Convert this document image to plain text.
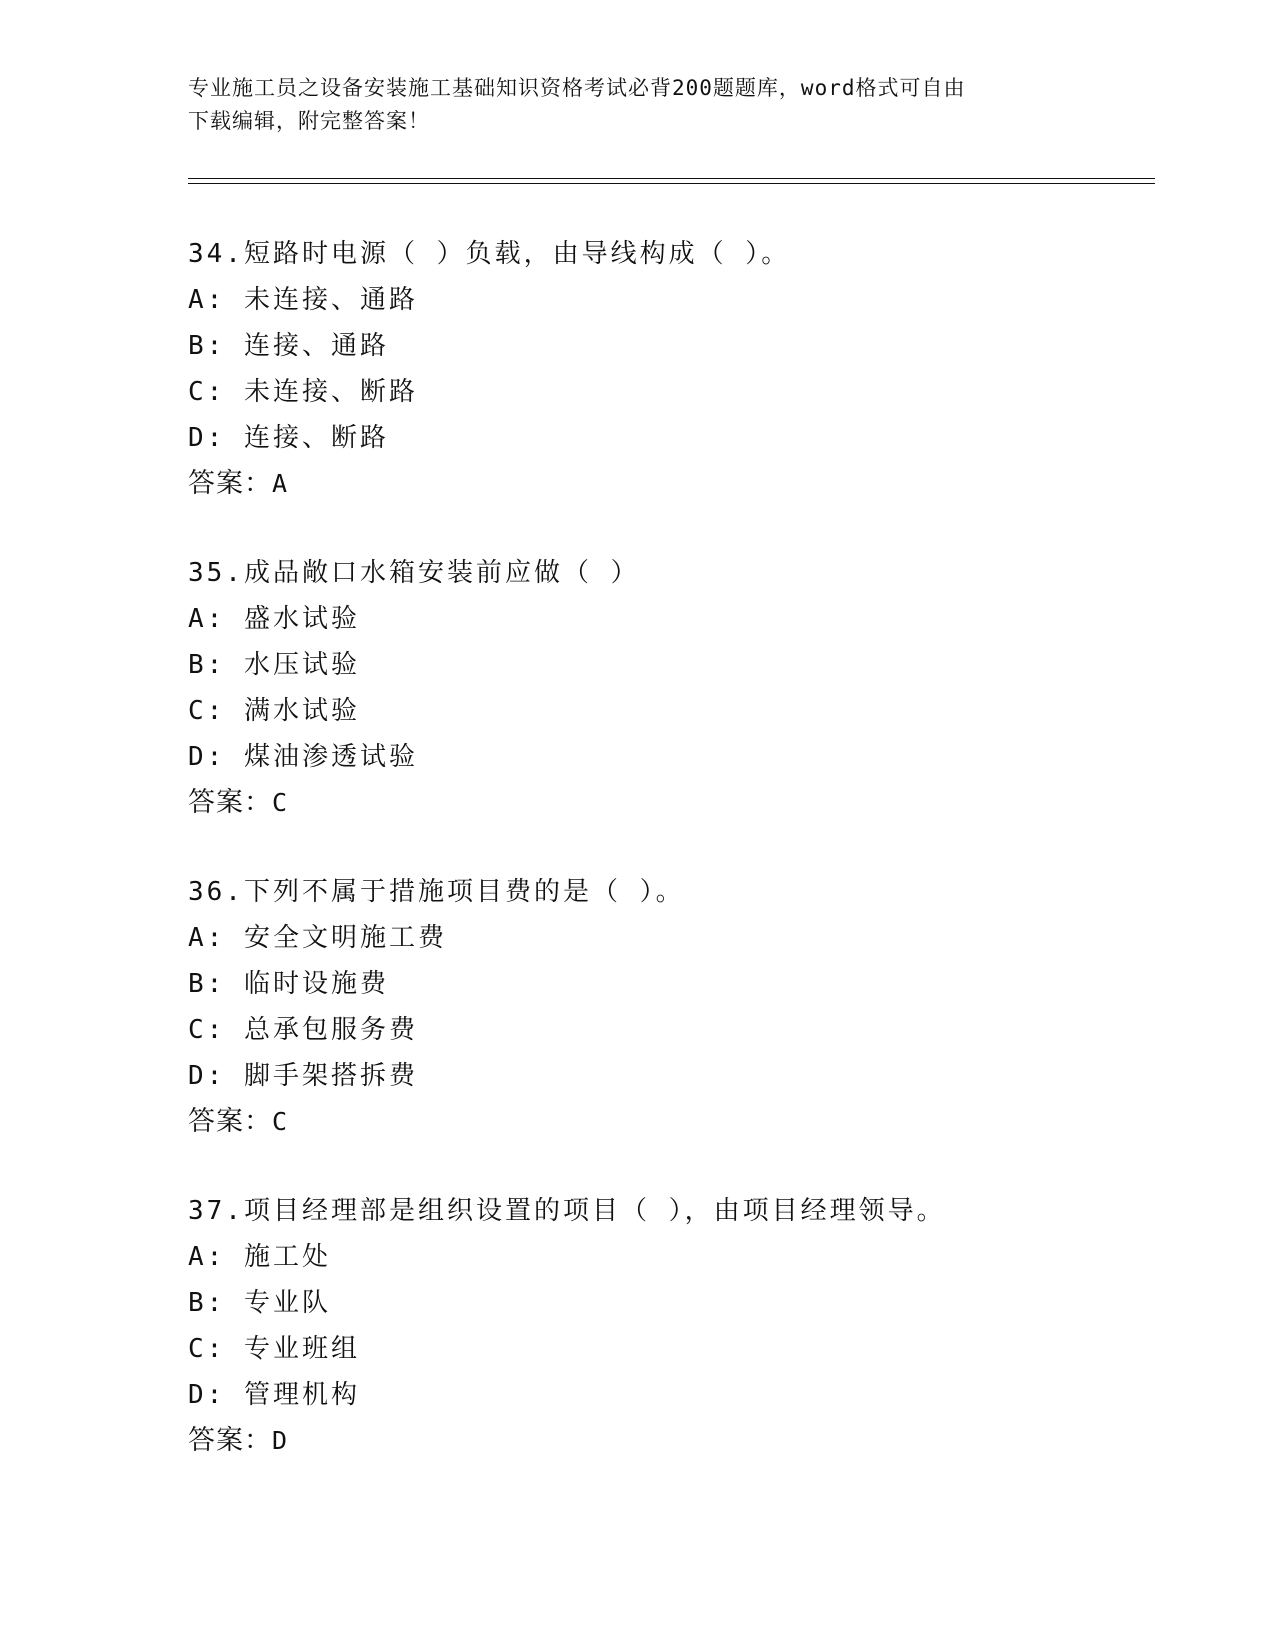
专业施工员之设备安装施工基础知识资格考试必背200题题库，word格式可自由
下载编辑，附完整答案！
34.短路时电源（ ）负载，由导线构成（ ）。
A: 未连接、通路
B: 连接、通路
C: 未连接、断路
D: 连接、断路
答案：A
35.成品敞口水箱安装前应做（ ）
A: 盛水试验
B: 水压试验
C: 满水试验
D: 煤油渗透试验
答案：C
36.下列不属于措施项目费的是（ ）。
A: 安全文明施工费
B: 临时设施费
C: 总承包服务费
D: 脚手架搭拆费
答案：C
37.项目经理部是组织设置的项目（ ），由项目经理领导。
A: 施工处
B: 专业队
C: 专业班组
D: 管理机构
答案：D
